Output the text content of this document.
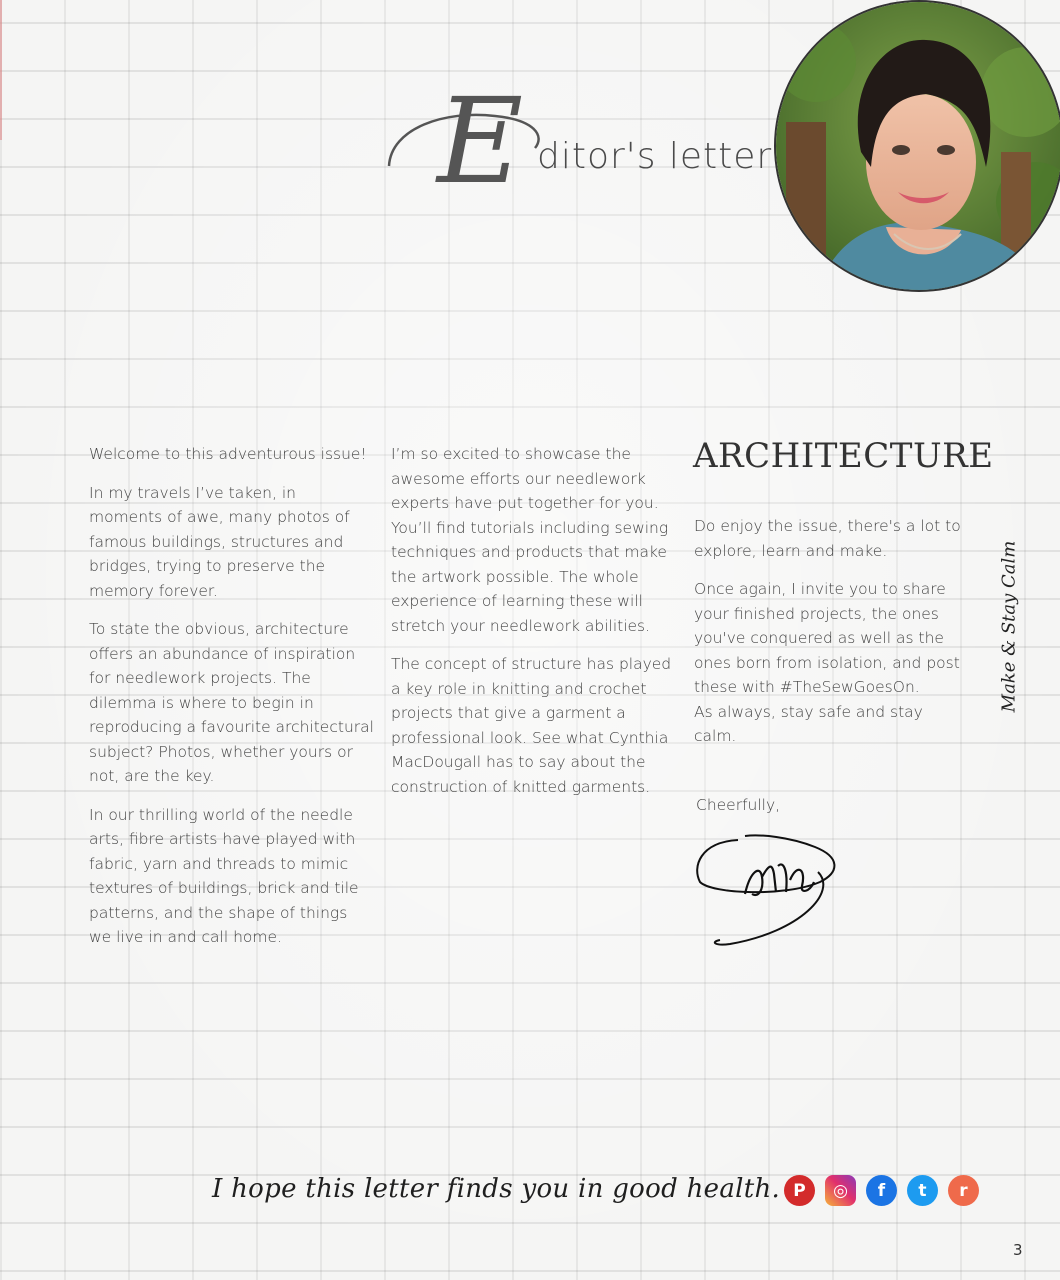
E ditor's letter

Welcome to this adventurous issue!

In my travels I’ve taken, in moments of awe, many photos of famous buildings, structures and bridges, trying to preserve the memory forever.

To state the obvious, architecture offers an abundance of inspiration for needlework projects. The dilemma is where to begin in reproducing a favourite architectural subject? Photos, whether yours or not, are the key.

In our thrilling world of the needle arts, fibre artists have played with fabric, yarn and threads to mimic textures of buildings, brick and tile patterns, and the shape of things we live in and call home.

I’m so excited to showcase the awesome efforts our needlework experts have put together for you. You’ll find tutorials including sewing techniques and products that make the artwork possible. The whole experience of learning these will stretch your needlework abilities.

The concept of structure has played a key role in knitting and crochet projects that give a garment a professional look. See what Cynthia MacDougall has to say about the construction of knitted garments.

ARCHITECTURE

Do enjoy the issue, there's a lot to explore, learn and make.

Once again, I invite you to share your finished projects, the ones you've conquered as well as the ones born from isolation, and post these with #TheSewGoesOn.

As always, stay safe and stay calm.

Cheerfully,
Make & Stay Calm
I hope this letter finds you in good health. P ◎ f t r
3
